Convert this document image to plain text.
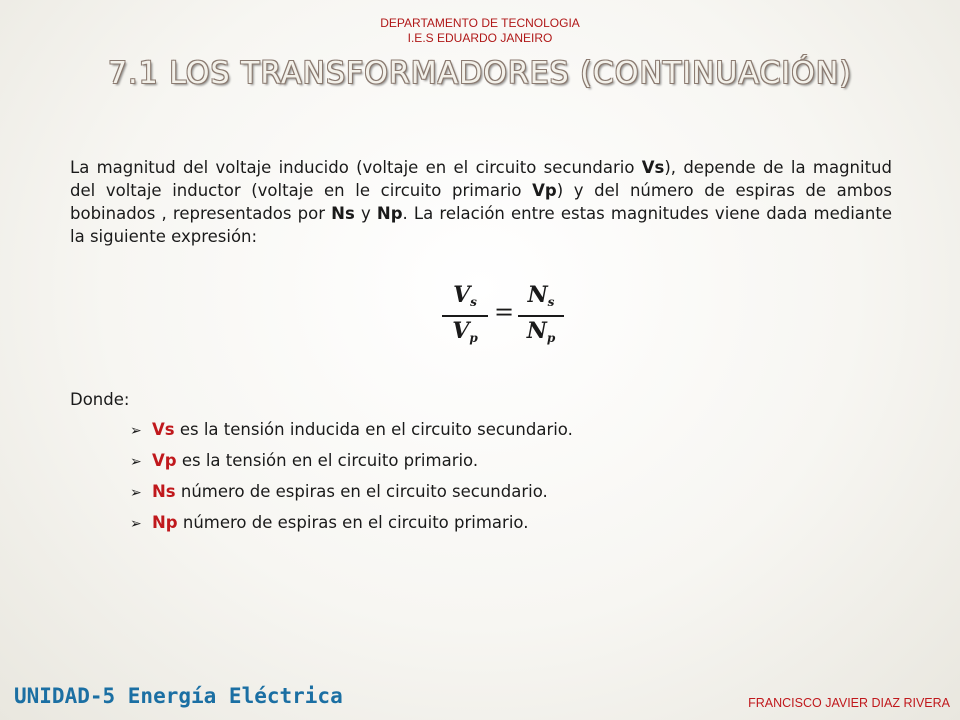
DEPARTAMENTO DE TECNOLOGIA
I.E.S EDUARDO JANEIRO
7.1 LOS TRANSFORMADORES (CONTINUACIÓN)
La magnitud del voltaje inducido (voltaje en el circuito secundario Vs), depende de la magnitud del voltaje inductor (voltaje en le circuito primario Vp) y del número de espiras de ambos bobinados , representados por Ns y Np. La relación entre estas magnitudes viene dada mediante la siguiente expresión:
$V_s$
$V_p$
=
$N_s$
$N_p$
Donde:
➢ Vs es la tensión inducida en el circuito secundario.
➢ Vp es la tensión en el circuito primario.
➢ Ns número de espiras en el circuito secundario.
➢ Np número de espiras en el circuito primario.
UNIDAD-5 Energía Eléctrica	FRANCISCO JAVIER DIAZ RIVERA
